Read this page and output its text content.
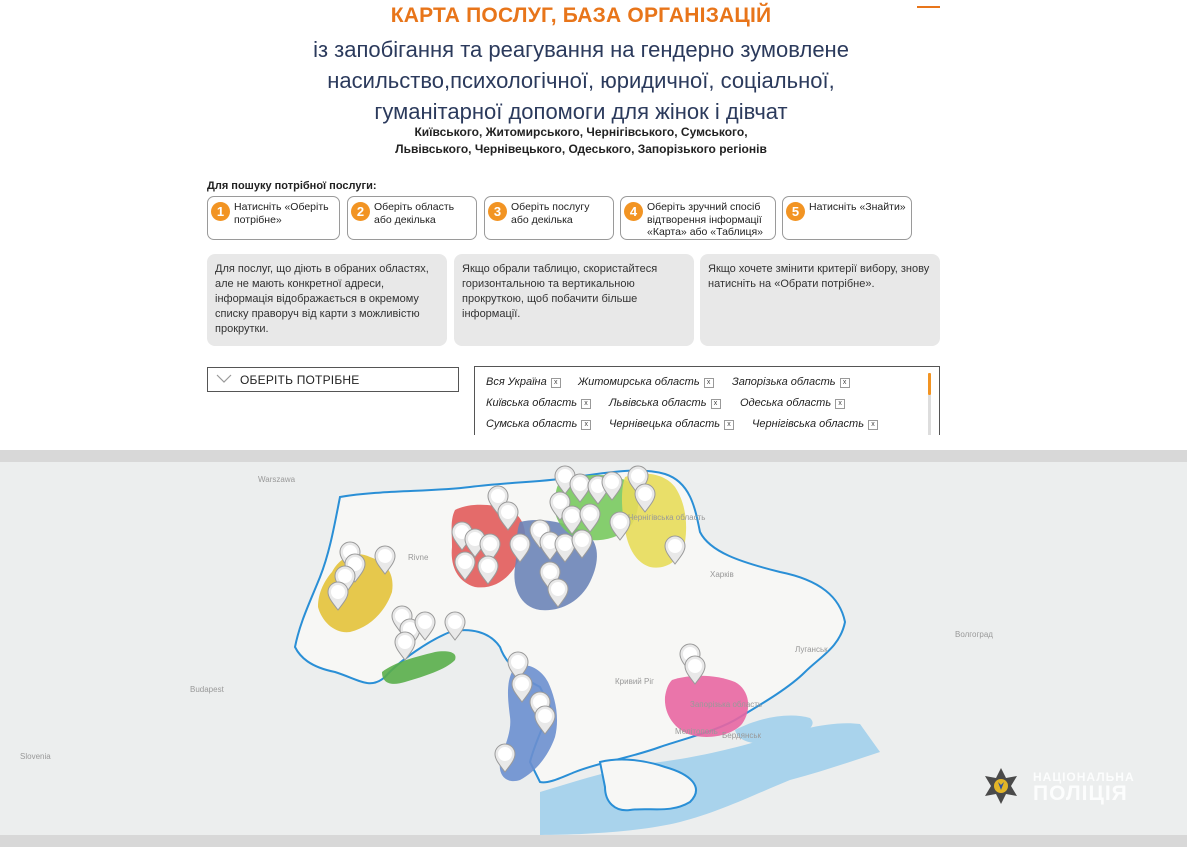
КАРТА ПОСЛУГ, БАЗА ОРГАНІЗАЦІЙ
із запобігання та реагування на гендерно зумовлене
насильство,психологічної, юридичної, соціальної,
гуманітарної допомоги для жінок і дівчат
Київського, Житомирського, Чернігівського, Сумського,
Львівського, Чернівецького, Одеського, Запорізького регіонів
Для пошуку потрібної послуги:
1 Натисніть «Оберіть потрібне»
2 Оберіть область або декілька
3 Оберіть послугу або декілька
4 Оберіть зручний спосіб відтворення інформації «Карта» або «Таблиця»
5 Натисніть «Знайти»
Для послуг, що діють в обраних областях, але не мають конкретної адреси, інформація відображається в окремому списку праворуч від карти з можливістю прокрутки.
Якщо обрали таблицю, скористайтеся горизонтальною та вертикальною прокруткою, щоб побачити більше інформації.
Якщо хочете змінити критерії вибору, знову натисніть на «Обрати потрібне».
ОБЕРІТЬ ПОТРІБНЕ	Вся Україна x Житомирська область x Запорізька область x
Київська область x Львівська область x Одеська область x
Сумська область x Чернівецька область x Чернігівська область x
Warszawa
Rivne
Харків
Кривий Ріг
Budapest
Мелітополь Бердянськ
Запорізька область
Чернігівська область
Луганськ
Волгоград
Slovenia
НАЦІОНАЛЬНА
ПОЛІЦІЯ
